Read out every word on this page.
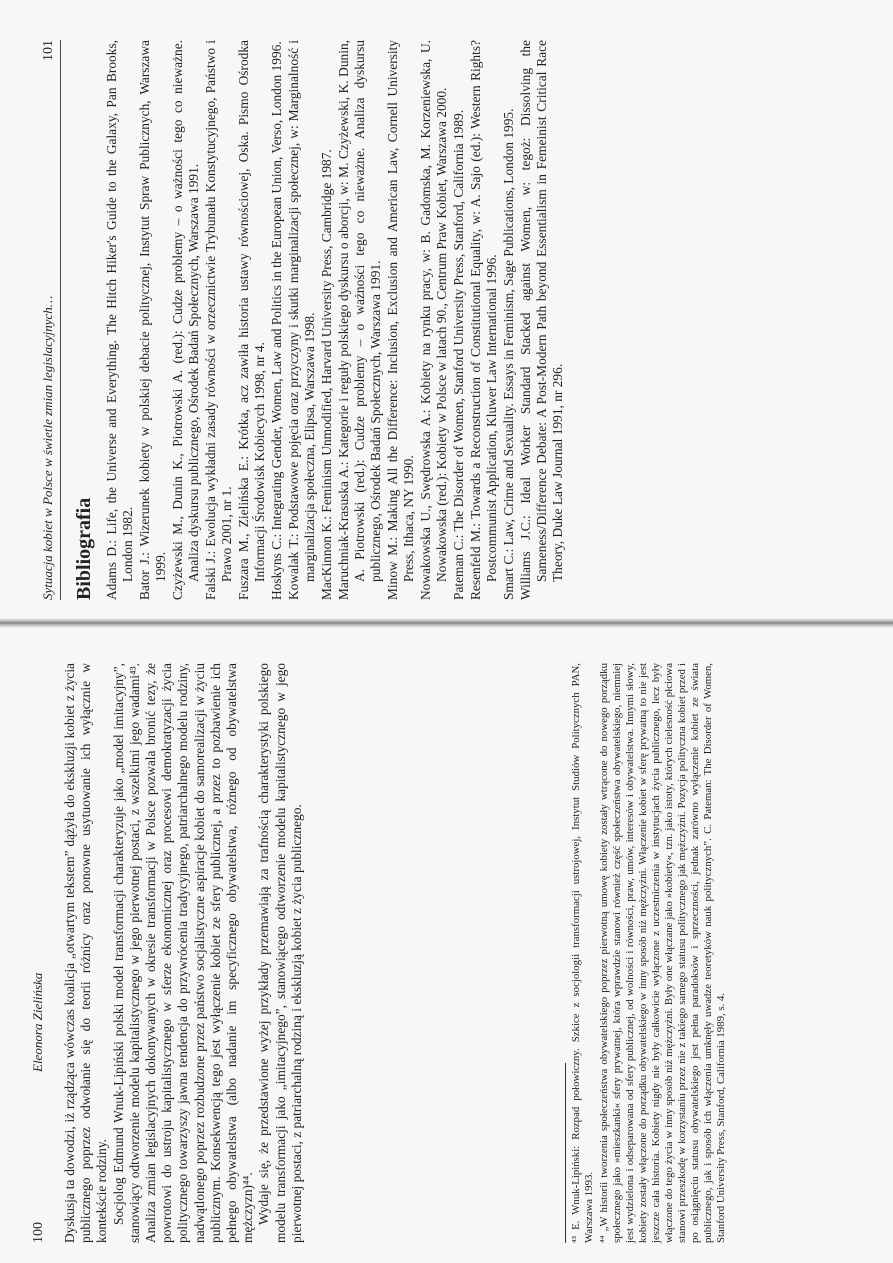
100
Eleonora Zielińska Dyskusja ta dowodzi, iż rządząca wówczas koalicja „otwartym tekstem” dążyła do ekskluzji kobiet z życia publicznego poprzez odwołanie się do teorii różnicy oraz ponowne usytuowanie ich wyłącznie w kontekście rodziny. Socjolog Edmund Wnuk-Lipiński polski model transformacji charakteryzuje jako „model imitacyjny”, stanowiący odtworzenie modelu kapitalistycznego w jego pierwotnej postaci, z wszelkimi jego wadami⁴³. Analiza zmian legislacyjnych dokonywanych w okresie transformacji w Polsce pozwala bronić tezy, że powrotowi do ustroju kapitalistycznego w sferze ekonomicznej oraz procesowi demokratyzacji życia politycznego towarzyszy jawna tendencja do przywrócenia tradycyjnego, patriarchalnego modelu rodziny, nadwątlonego poprzez rozbudzone przez państwo socjalistyczne aspiracje kobiet do samorealizacji w życiu publicznym. Konsekwencją tego jest wyłączenie kobiet ze sfery publicznej, a przez to pozbawienie ich pełnego obywatelstwa (albo nadanie im specyficznego obywatelstwa, różnego od obywatelstwa mężczyzn)⁴⁴. Wydaje się, że przedstawione wyżej przykłady przemawiają za trafnością charakterystyki polskiego modelu transformacji jako „imitacyjnego”, stanowiącego odtworzenie modelu kapitalistycznego w jego pierwotnej postaci, z patriarchalną rodziną i ekskluzją kobiet z życia publicznego.	⁴³ E. Wnuk-Lipiński: Rozpad połowiczny. Szkice z socjologii transformacji ustrojowej, Instytut Studiów Politycznych PAN, Warszawa 1993. ⁴⁴ „W historii tworzenia społeczeństwa obywatelskiego poprzez pierwotną umowę kobiety zostały wtrącone do nowego porządku społecznego jako »mieszkanki« sfery prywatnej, która wprawdzie stanowi również część społeczeństwa obywatelskiego, niemniej jest wydzielona i odseparowana od sfery publicznej, od wolności i równości, praw, umów, interesów i obywatelstwa. Innymi słowy, kobiety zostały włączone do porządku obywatelskiego w inny sposób niż mężczyźni. Włączenie kobiet w sferę prywatną to nie jest jeszcze cała historia. Kobiety nigdy nie były całkowicie wyłączone z uczestniczenia w instytucjach życia publicznego, lecz były włączone do tego życia w inny sposób niż mężczyźni. Były one włączane jako »kobiety«, tzn. jako istoty, których cielesność płciowa stanowi przeszkodę w korzystaniu przez nie z takiego samego statusu politycznego jak mężczyźni. Pozycja polityczna kobiet przed i po osiągnięciu statusu obywatelskiego jest pełna paradoksów i sprzeczności, jednak zarówno wyłączenie kobiet ze świata publicznego, jak i sposób ich włączenia umknęły uwadze teoretyków nauk politycznych”. C. Pateman: The Disorder of Women, Stanford University Press, Stanford, California 1989, s. 4.

Sytuacja kobiet w Polsce w świetle zmian legislacyjnych…
101
Bibliografia Adams D.: Life, the Universe and Everything. The Hitch Hiker's Guide to the Galaxy, Pan Brooks, London 1982. Bator J.: Wizerunek kobiety w polskiej debacie politycznej, Instytut Spraw Publicznych, Warszawa 1999. Czyżewski M., Dunin K., Piotrowski A. (red.): Cudze problemy – o ważności tego co nieważne. Analiza dyskursu publicznego, Ośrodek Badań Społecznych, Warszawa 1991. Falski J.: Ewolucja wykładni zasady równości w orzecznictwie Trybunału Konstytucyjnego, Państwo i Prawo 2001, nr 1. Fuszara M., Zielińska E.: Krótka, acz zawiła historia ustawy równościowej, Oska. Pismo Ośrodka Informacji Środowisk Kobiecych 1998, nr 4. Hoskyns C.: Integrating Gender, Women, Law and Politics in the European Union, Verso, London 1996. Kowalak T.: Podstawowe pojęcia oraz przyczyny i skutki marginalizacji społecznej, w: Marginalność i marginalizacja społeczna, Elipsa, Warszawa 1998. MacKinnon K.: Feminism Unmodified, Harvard University Press, Cambridge 1987. Maruchniak-Krasuska A.: Kategorie i reguły polskiego dyskursu o aborcji, w: M. Czyżewski, K. Dunin, A. Piotrowski (red.): Cudze problemy – o ważności tego co nieważne. Analiza dyskursu publicznego, Ośrodek Badań Społecznych, Warszawa 1991. Minow M.: Making All the Difference: Inclusion, Exclusion and American Law, Cornell University Press, Ithaca, NY 1990. Nowakowska U., Swędrowska A.: Kobiety na rynku pracy, w: B. Gadomska, M. Korzeniewska, U. Nowakowska (red.): Kobiety w Polsce w latach 90., Centrum Praw Kobiet, Warszawa 2000. Pateman C.: The Disorder of Women, Stanford University Press, Stanford, California 1989. Resenfeld M.: Towards a Reconstruction of Constitutional Equality, w: A. Sajo (ed.): Western Rights? Postcommunist Application, Kluwer Law International 1996. Smart C.: Law, Crime and Sexuality. Essays in Feminism, Sage Publications, London 1995. Williams J.C.: Ideal Worker Standard Stacked against Women, w: tegoż: Dissolving the Sameness/Difference Debate: A Post-Modern Path beyond Essentialism in Femeinist Critical Race Theory, Duke Law Journal 1991, nr 296.
